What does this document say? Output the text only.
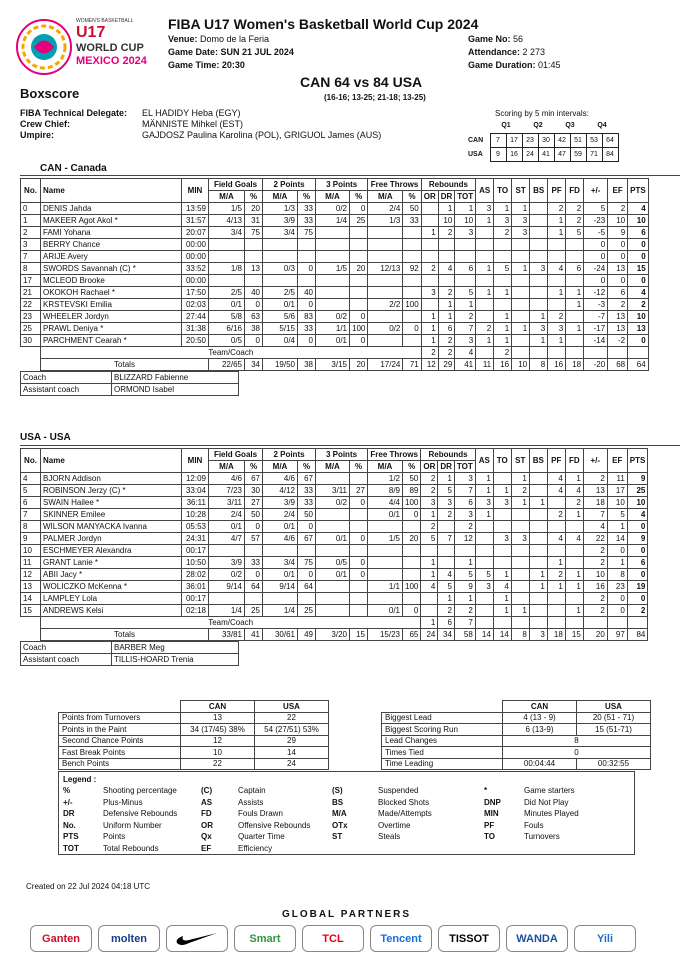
WOMEN'S BASKETBALL
U17
WORLD CUP
MEXICO 2024
FIBA U17 Women's Basketball World Cup 2024
Venue: Domo de la Feria
Game Date: SUN 21 JUL 2024
Game Time: 20:30
Game No: 56
Attendance: 2 273
Game Duration: 01:45
Boxscore
CAN 64 vs 84 USA
(16-16; 13-25; 21-18; 13-25)
FIBA Technical Delegate: EL HADIDY Heba (EGY)
Crew Chief:	MÄNNISTE Mihkel (EST)
Umpire:	GAJDOSZ Paulina Karolina (POL), GRIGUOL James (AUS)
Scoring by 5 min intervals:
	Q1		Q2		Q3		Q4	
CAN	7	17	23	30	42	51	53	64
USA	9	16	24	41	47	59	71	84
CAN - Canada
No.	Name	MIN	Field Goals		2 Points		3 Points		Free Throws		Rebounds			AS	TO	ST	BS	PF	FD	+/-	EF	PTS
			M/A	%	M/A	%	M/A	%	M/A	%	OR	DR	TOT									
0	DENIS Jahda	13:59	1/5	20	1/3	33	0/2	0	2/4	50		1	1	3	1	1		2	2	5	2	4
1	MAKEER Agot Akol *	31:57	4/13	31	3/9	33	1/4	25	1/3	33		10	10	1	3	3		1	2	-23	10	10
2	FAMI Yohana	20:07	3/4	75	3/4	75					1	2	3		2	3		1	5	-5	9	6
3	BERRY Chance	00:00																		0	0	0
7	ARIJE Avery	00:00																		0	0	0
8	SWORDS Savannah (C) *	33:52	1/8	13	0/3	0	1/5	20	12/13	92	2	4	6	1	5	1	3	4	6	-24	13	15
17	MCLEOD Brooke	00:00																		0	0	0
21	OKOKOH Rachael *	17:50	2/5	40	2/5	40					3	2	5	1	1			1	1	-12	6	4
22	KRSTEVSKI Emilia	02:03	0/1	0	0/1	0			2/2	100		1	1						1	-3	2	2
23	WHEELER Jordyn	27:44	5/8	63	5/6	83	0/2	0			1	1	2		1		1	2		-7	13	10
25	PRAWL Deniya *	31:38	6/16	38	5/15	33	1/1	100	0/2	0	1	6	7	2	1	1	3	3	1	-17	13	13
30	PARCHMENT Cearah *	20:50	0/5	0	0/4	0	0/1	0			1	2	3	1	1		1	1		-14	-2	0
	Team/Coach										2	2	4		2							
	Totals		22/65	34	19/50	38	3/15	20	17/24	71	12	29	41	11	16	10	8	16	18	-20	68	64
Coach	BLIZZARD Fabienne
Assistant coach	ORMOND Isabel
USA - USA
No.	Name	MIN	Field Goals		2 Points		3 Points		Free Throws		Rebounds			AS	TO	ST	BS	PF	FD	+/-	EF	PTS
			M/A	%	M/A	%	M/A	%	M/A	%	OR	DR	TOT									
4	BJORN Addison	12:09	4/6	67	4/6	67			1/2	50	2	1	3	1		1		4	1	2	11	9
5	ROBINSON Jerzy (C) *	33:04	7/23	30	4/12	33	3/11	27	8/9	89	2	5	7	1	1	2		4	4	13	17	25
6	SWAIN Hailee *	36:11	3/11	27	3/9	33	0/2	0	4/4	100	3	3	6	3	3	1	1		2	18	10	10
7	SKINNER Emilee	10:28	2/4	50	2/4	50			0/1	0	1	2	3	1				2	1	7	5	4
8	WILSON MANYACKA Ivanna	05:53	0/1	0	0/1	0					2		2							4	1	0
9	PALMER Jordyn	24:31	4/7	57	4/6	67	0/1	0	1/5	20	5	7	12		3	3		4	4	22	14	9
10	ESCHMEYER Alexandra	00:17																		2	0	0
11	GRANT Lanie *	10:50	3/9	33	3/4	75	0/5	0			1		1					1		2	1	6
12	ABII Jacy *	28:02	0/2	0	0/1	0	0/1	0			1	4	5	5	1		1	2	1	10	8	0
13	WOLICZKO McKenna *	36:01	9/14	64	9/14	64			1/1	100	4	5	9	3	4		1	1	1	16	23	19
14	LAMPLEY Lola	00:17										1	1		1					2	0	0
15	ANDREWS Kelsi	02:18	1/4	25	1/4	25			0/1	0		2	2		1	1			1	2	0	2
	Team/Coach										1	6	7									
	Totals		33/81	41	30/61	49	3/20	15	15/23	65	24	34	58	14	14	8	3	18	15	20	97	84
Coach	BARBER Meg
Assistant coach	TILLIS-HOARD Trenia
	CAN	USA
Points from Turnovers	13	22
Points in the Paint	34 (17/45) 38%	54 (27/51) 53%
Second Chance Points	12	29
Fast Break Points	10	14
Bench Points	22	24
	CAN	USA
Biggest Lead	4 (13 - 9)	20 (51 - 71)
Biggest Scoring Run	6 (13-9)	15 (51-71)
Lead Changes	8	
Times Tied	0	
Time Leading	00:04:44	00:32:55
Legend :
%	Shooting percentage	(C)	Captain	(S)	Suspended	*	Game starters
+/-	Plus-Minus	AS	Assists	BS	Blocked Shots	DNP	Did Not Play
DR	Defensive Rebounds	FD	Fouls Drawn	M/A	Made/Attempts	MIN	Minutes Played
No.	Uniform Number	OR	Offensive Rebounds	OTx	Overtime	PF	Fouls
PTS	Points	Qx	Quarter Time	ST	Steals	TO	Turnovers
TOT	Total Rebounds	EF	Efficiency
Created on 22 Jul 2024 04:18 UTC
GLOBAL PARTNERS
Ganten	molten	Smart	TCL	Tencent TISSOT WANDA	Yili
